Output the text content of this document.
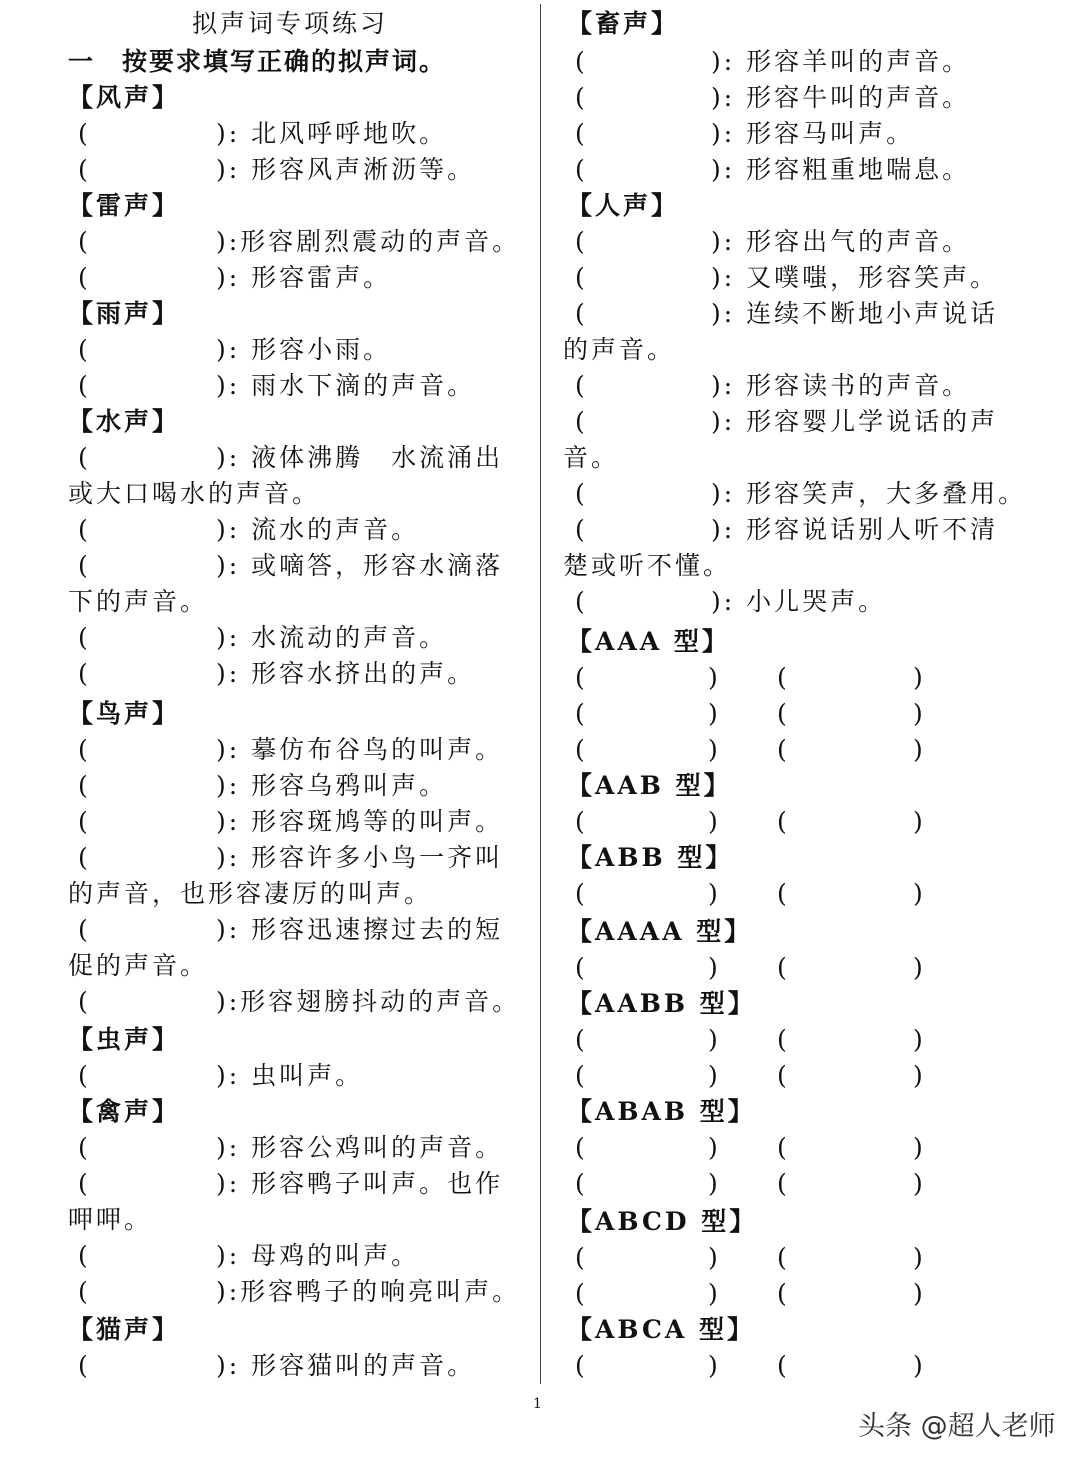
拟声词专项练习
一　按要求填写正确的拟声词。
【风声】
(	): 北风呼呼地吹。
(	): 形容风声淅沥等。
【雷声】
(	):形容剧烈震动的声音。
(	): 形容雷声。
【雨声】
(	): 形容小雨。
(	): 雨水下滴的声音。
【水声】
(	): 液体沸腾　水流涌出
或大口喝水的声音。
(	): 流水的声音。
(	): 或嘀答，形容水滴落
下的声音。
(	): 水流动的声音。
(	): 形容水挤出的声。
【鸟声】
(	): 摹仿布谷鸟的叫声。
(	): 形容乌鸦叫声。
(	): 形容斑鸠等的叫声。
(	): 形容许多小鸟一齐叫
的声音，也形容凄厉的叫声。
(	): 形容迅速擦过去的短
促的声音。
(	):形容翅膀抖动的声音。
【虫声】
(	): 虫叫声。
【禽声】
(	): 形容公鸡叫的声音。
(	): 形容鸭子叫声。也作
呷呷。
(	): 母鸡的叫声。
(	):形容鸭子的响亮叫声。
【猫声】
(	): 形容猫叫的声音。
【畜声】
(	): 形容羊叫的声音。
(	): 形容牛叫的声音。
(	): 形容马叫声。
(	): 形容粗重地喘息。
【人声】
(	): 形容出气的声音。
(	): 又噗嗤，形容笑声。
(	): 连续不断地小声说话
的声音。
(	): 形容读书的声音。
(	): 形容婴儿学说话的声
音。
(	): 形容笑声，大多叠用。
(	): 形容说话别人听不清
楚或听不懂。
(	): 小儿哭声。
【AAA 型】
(	) (	)
(	) (	)
(	) (	)
【AAB 型】
(	) (	)
【ABB 型】
(	) (	)
【AAAA 型】
(	) (	)
【AABB 型】
(	) (	)
(	) (	)
【ABAB 型】
(	) (	)
(	) (	)
【ABCD 型】
(	) (	)
(	) (	)
【ABCA 型】
(	) (	)
1
头条 @超人老师
